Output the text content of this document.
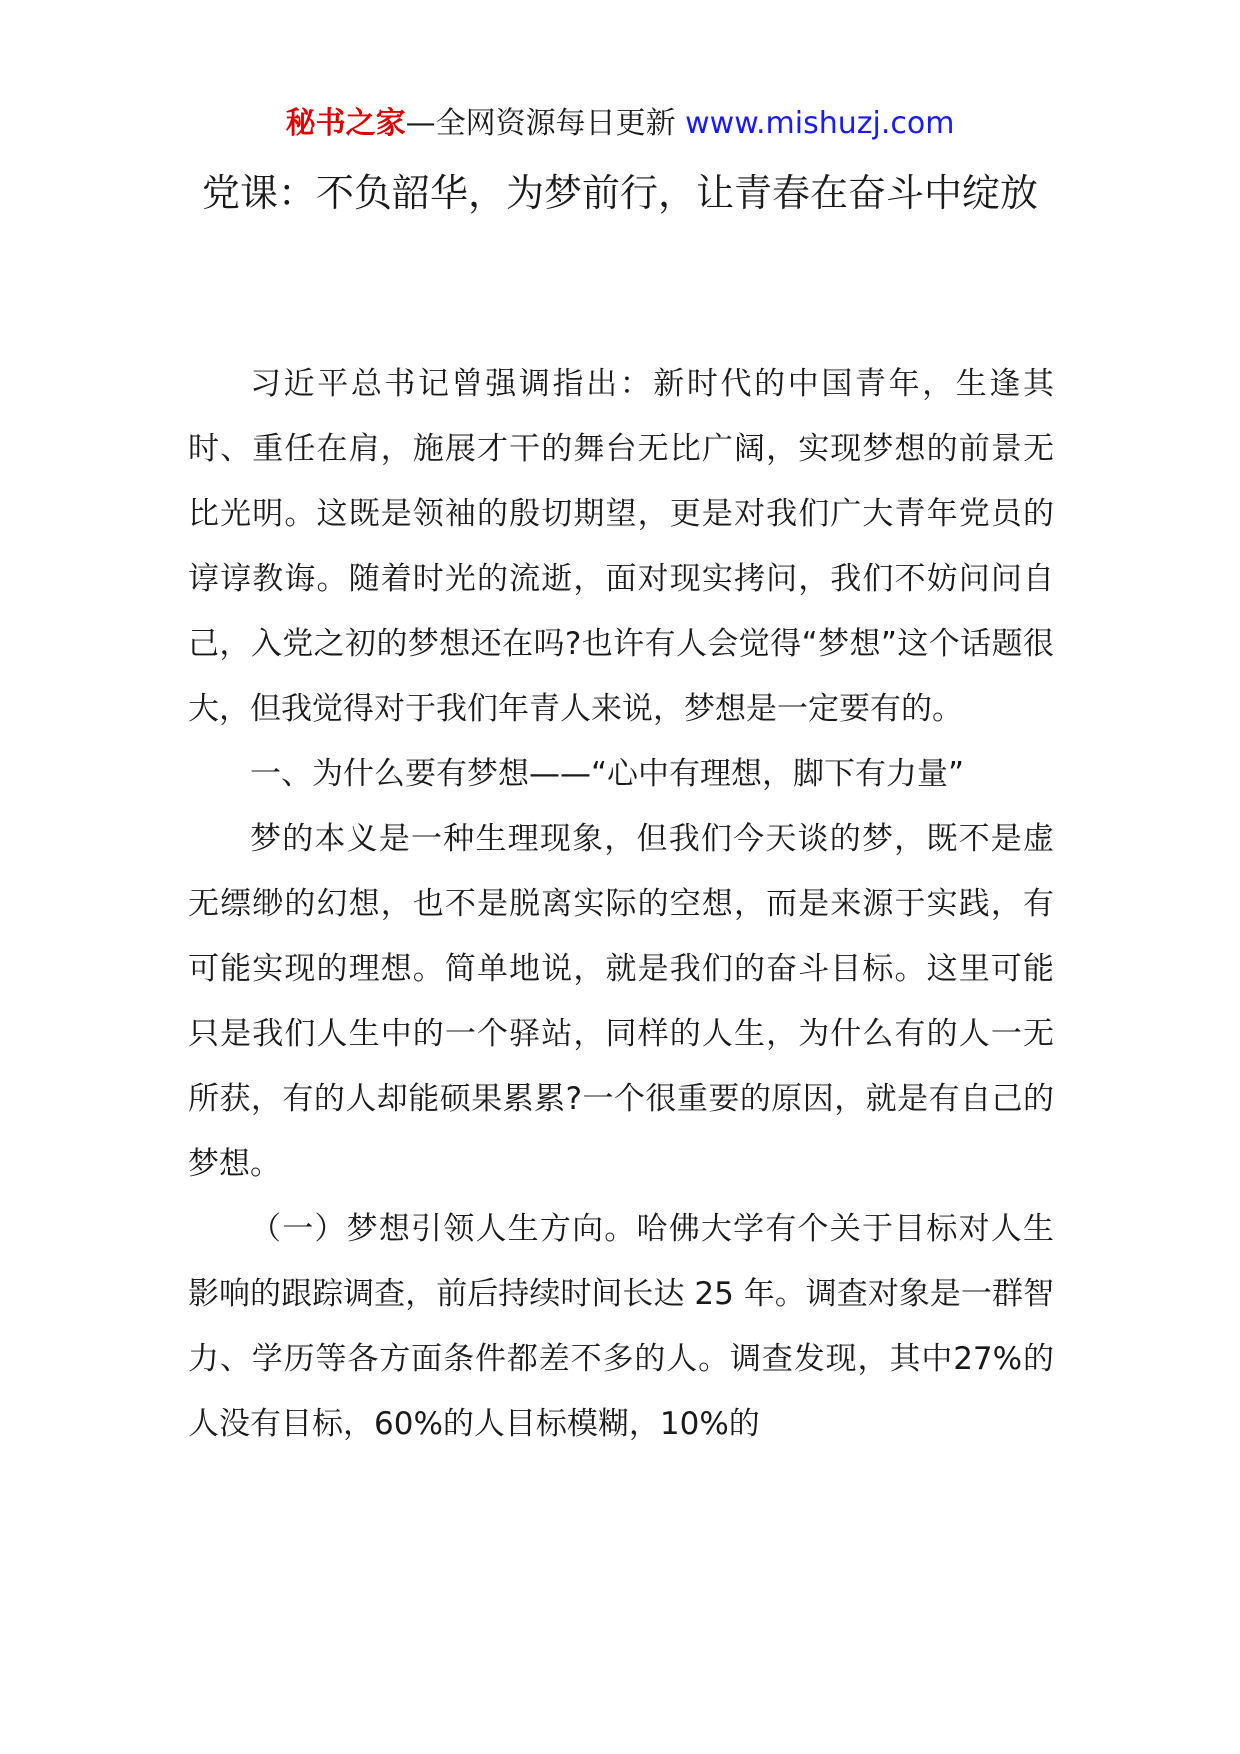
秘书之家—全网资源每日更新 www.mishuzj.com
党课：不负韶华，为梦前行，让青春在奋斗中绽放

习近平总书记曾强调指出：新时代的中国青年，生逢其时、重任在肩，施展才干的舞台无比广阔，实现梦想的前景无比光明。这既是领袖的殷切期望，更是对我们广大青年党员的谆谆教诲。随着时光的流逝，面对现实拷问，我们不妨问问自己，入党之初的梦想还在吗?也许有人会觉得“梦想”这个话题很大，但我觉得对于我们年青人来说，梦想是一定要有的。

一、为什么要有梦想——“心中有理想，脚下有力量”

梦的本义是一种生理现象，但我们今天谈的梦，既不是虚无缥缈的幻想，也不是脱离实际的空想，而是来源于实践，有可能实现的理想。简单地说，就是我们的奋斗目标。这里可能只是我们人生中的一个驿站，同样的人生，为什么有的人一无所获，有的人却能硕果累累?一个很重要的原因，就是有自己的梦想。

（一）梦想引领人生方向。哈佛大学有个关于目标对人生影响的跟踪调查，前后持续时间长达 25 年。调查对象是一群智力、学历等各方面条件都差不多的人。调查发现，其中27%的人没有目标，60%的人目标模糊，10%的
